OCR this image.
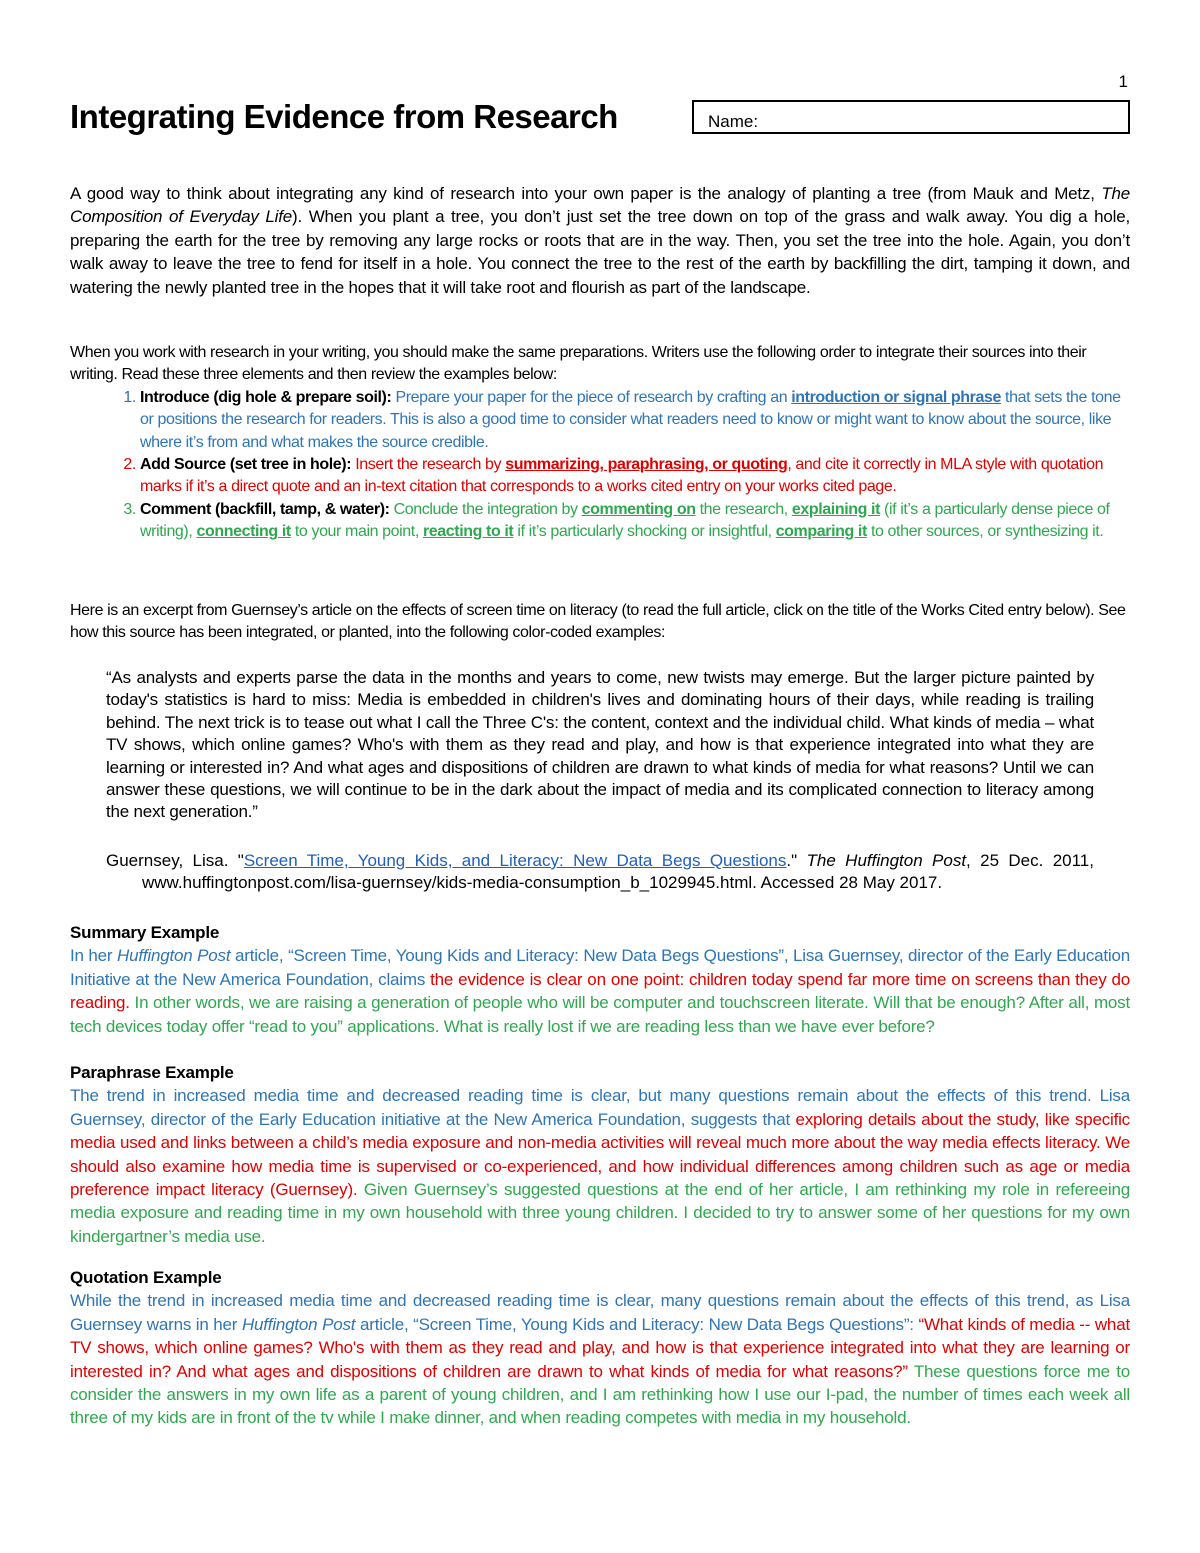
1
Integrating Evidence from Research	Name:

A good way to think about integrating any kind of research into your own paper is the analogy of planting a tree (from Mauk and Metz, The Composition of Everyday Life). When you plant a tree, you don’t just set the tree down on top of the grass and walk away. You dig a hole, preparing the earth for the tree by removing any large rocks or roots that are in the way. Then, you set the tree into the hole. Again, you don’t walk away to leave the tree to fend for itself in a hole. You connect the tree to the rest of the earth by backfilling the dirt, tamping it down, and watering the newly planted tree in the hopes that it will take root and flourish as part of the landscape.

When you work with research in your writing, you should make the same preparations. Writers use the following order to integrate their sources into their writing. Read these three elements and then review the examples below:

1. Introduce (dig hole & prepare soil): Prepare your paper for the piece of research by crafting an introduction or signal phrase that sets the tone or positions the research for readers. This is also a good time to consider what readers need to know or might want to know about the source, like where it’s from and what makes the source credible.
2. Add Source (set tree in hole): Insert the research by summarizing, paraphrasing, or quoting, and cite it correctly in MLA style with quotation marks if it’s a direct quote and an in-text citation that corresponds to a works cited entry on your works cited page.
3. Comment (backfill, tamp, & water): Conclude the integration by commenting on the research, explaining it (if it’s a particularly dense piece of writing), connecting it to your main point, reacting to it if it’s particularly shocking or insightful, comparing it to other sources, or synthesizing it.

Here is an excerpt from Guernsey’s article on the effects of screen time on literacy (to read the full article, click on the title of the Works Cited entry below). See how this source has been integrated, or planted, into the following color-coded examples:

“As analysts and experts parse the data in the months and years to come, new twists may emerge. But the larger picture painted by today's statistics is hard to miss: Media is embedded in children's lives and dominating hours of their days, while reading is trailing behind. The next trick is to tease out what I call the Three C's: the content, context and the individual child. What kinds of media – what TV shows, which online games? Who's with them as they read and play, and how is that experience integrated into what they are learning or interested in? And what ages and dispositions of children are drawn to what kinds of media for what reasons? Until we can answer these questions, we will continue to be in the dark about the impact of media and its complicated connection to literacy among the next generation.”

Guernsey, Lisa. "Screen Time, Young Kids, and Literacy: New Data Begs Questions." The Huffington Post, 25 Dec. 2011, www.huffingtonpost.com/lisa-guernsey/kids-media-consumption_b_1029945.html. Accessed 28 May 2017.

Summary Example

In her Huffington Post article, “Screen Time, Young Kids and Literacy: New Data Begs Questions”, Lisa Guernsey, director of the Early Education Initiative at the New America Foundation, claims the evidence is clear on one point: children today spend far more time on screens than they do reading. In other words, we are raising a generation of people who will be computer and touchscreen literate. Will that be enough? After all, most tech devices today offer “read to you” applications. What is really lost if we are reading less than we have ever before?

Paraphrase Example

The trend in increased media time and decreased reading time is clear, but many questions remain about the effects of this trend. Lisa Guernsey, director of the Early Education initiative at the New America Foundation, suggests that exploring details about the study, like specific media used and links between a child’s media exposure and non-media activities will reveal much more about the way media effects literacy. We should also examine how media time is supervised or co-experienced, and how individual differences among children such as age or media preference impact literacy (Guernsey). Given Guernsey’s suggested questions at the end of her article, I am rethinking my role in refereeing media exposure and reading time in my own household with three young children. I decided to try to answer some of her questions for my own kindergartner’s media use.

Quotation Example

While the trend in increased media time and decreased reading time is clear, many questions remain about the effects of this trend, as Lisa Guernsey warns in her Huffington Post article, “Screen Time, Young Kids and Literacy: New Data Begs Questions”: “What kinds of media -- what TV shows, which online games? Who's with them as they read and play, and how is that experience integrated into what they are learning or interested in? And what ages and dispositions of children are drawn to what kinds of media for what reasons?” These questions force me to consider the answers in my own life as a parent of young children, and I am rethinking how I use our I-pad, the number of times each week all three of my kids are in front of the tv while I make dinner, and when reading competes with media in my household.
